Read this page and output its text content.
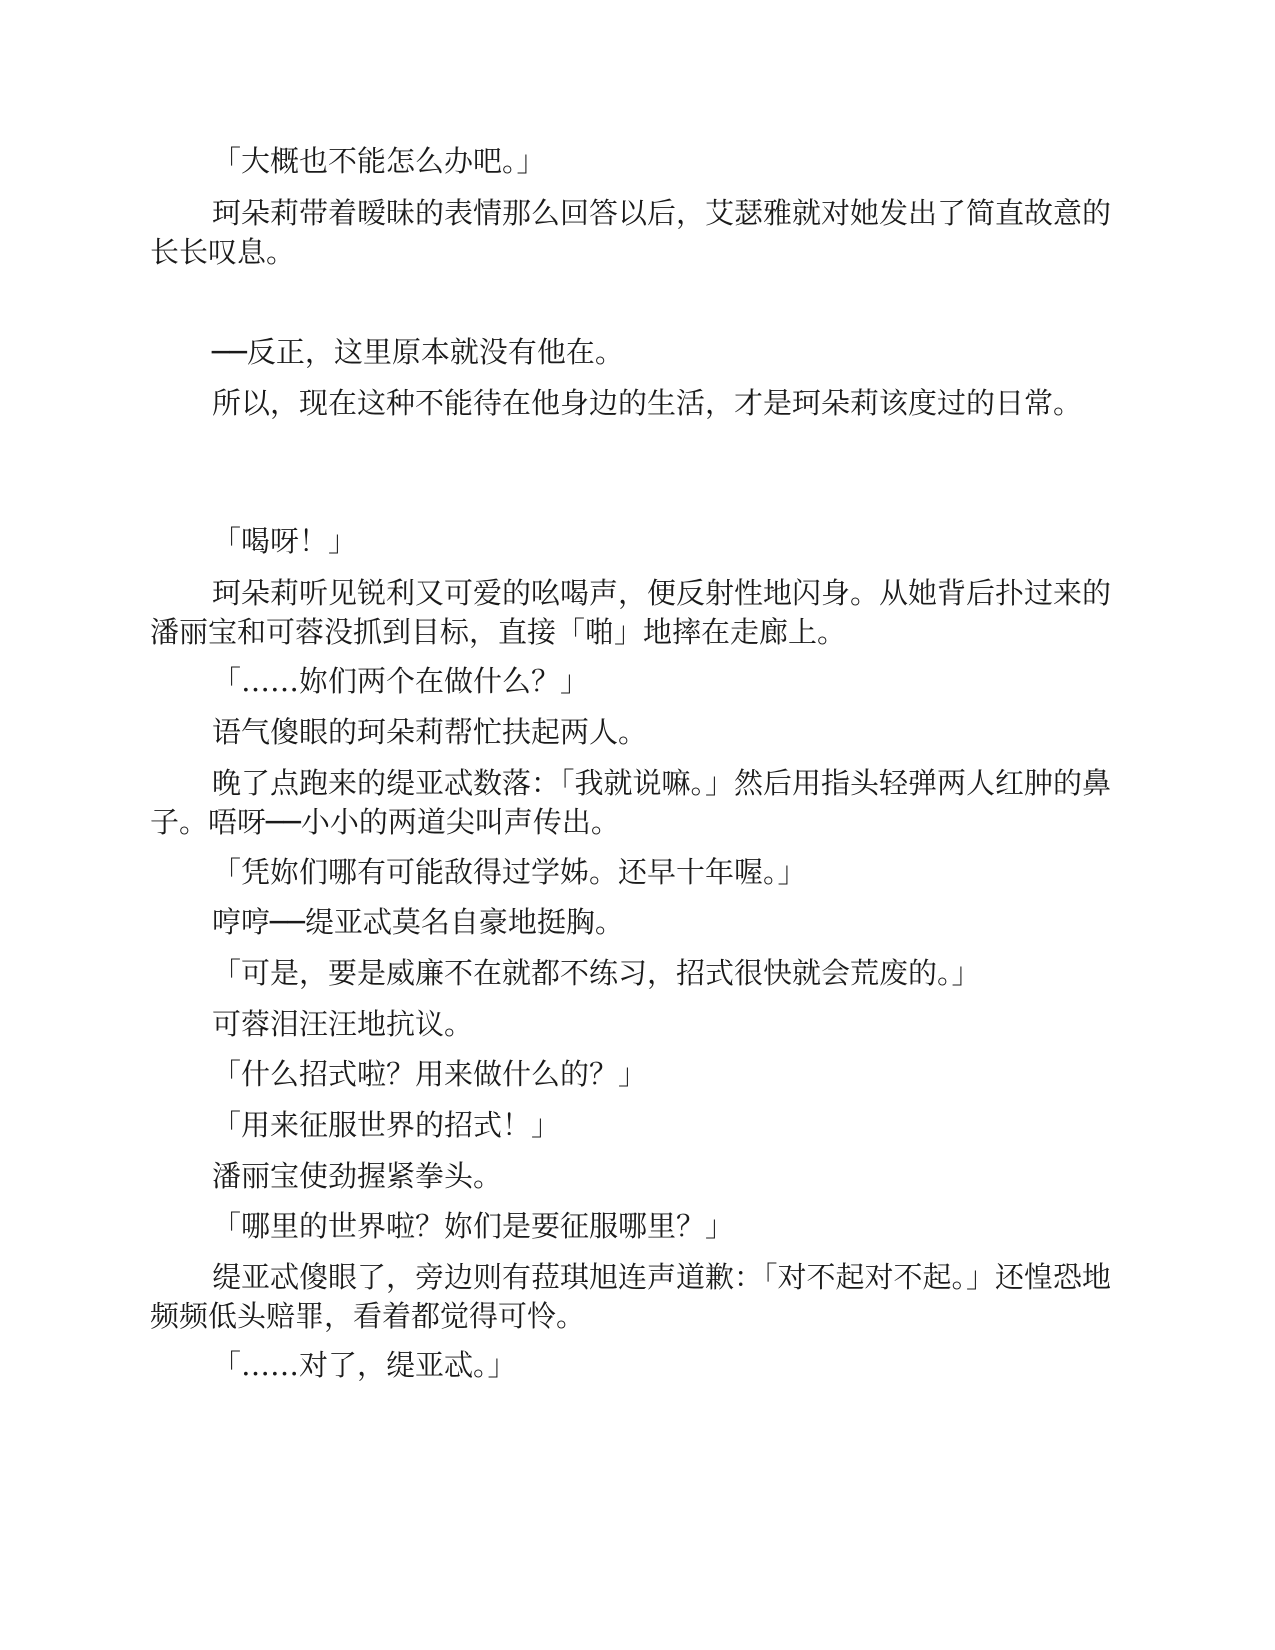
「大概也不能怎么办吧。」

珂朵莉带着暧昧的表情那么回答以后，艾瑟雅就对她发出了简直故意的长长叹息。

──反正，这里原本就没有他在。

所以，现在这种不能待在他身边的生活，才是珂朵莉该度过的日常。

「喝呀！」

珂朵莉听见锐利又可爱的吆喝声，便反射性地闪身。从她背后扑过来的潘丽宝和可蓉没抓到目标，直接「啪」地摔在走廊上。

「……妳们两个在做什么？」

语气傻眼的珂朵莉帮忙扶起两人。

晚了点跑来的缇亚忒数落：「我就说嘛。」然后用指头轻弹两人红肿的鼻子。唔呀──小小的两道尖叫声传出。

「凭妳们哪有可能敌得过学姊。还早十年喔。」

哼哼──缇亚忒莫名自豪地挺胸。

「可是，要是威廉不在就都不练习，招式很快就会荒废的。」

可蓉泪汪汪地抗议。

「什么招式啦？用来做什么的？」

「用来征服世界的招式！」

潘丽宝使劲握紧拳头。

「哪里的世界啦？妳们是要征服哪里？」

缇亚忒傻眼了，旁边则有菈琪旭连声道歉：「对不起对不起。」还惶恐地频频低头赔罪，看着都觉得可怜。

「……对了，缇亚忒。」
